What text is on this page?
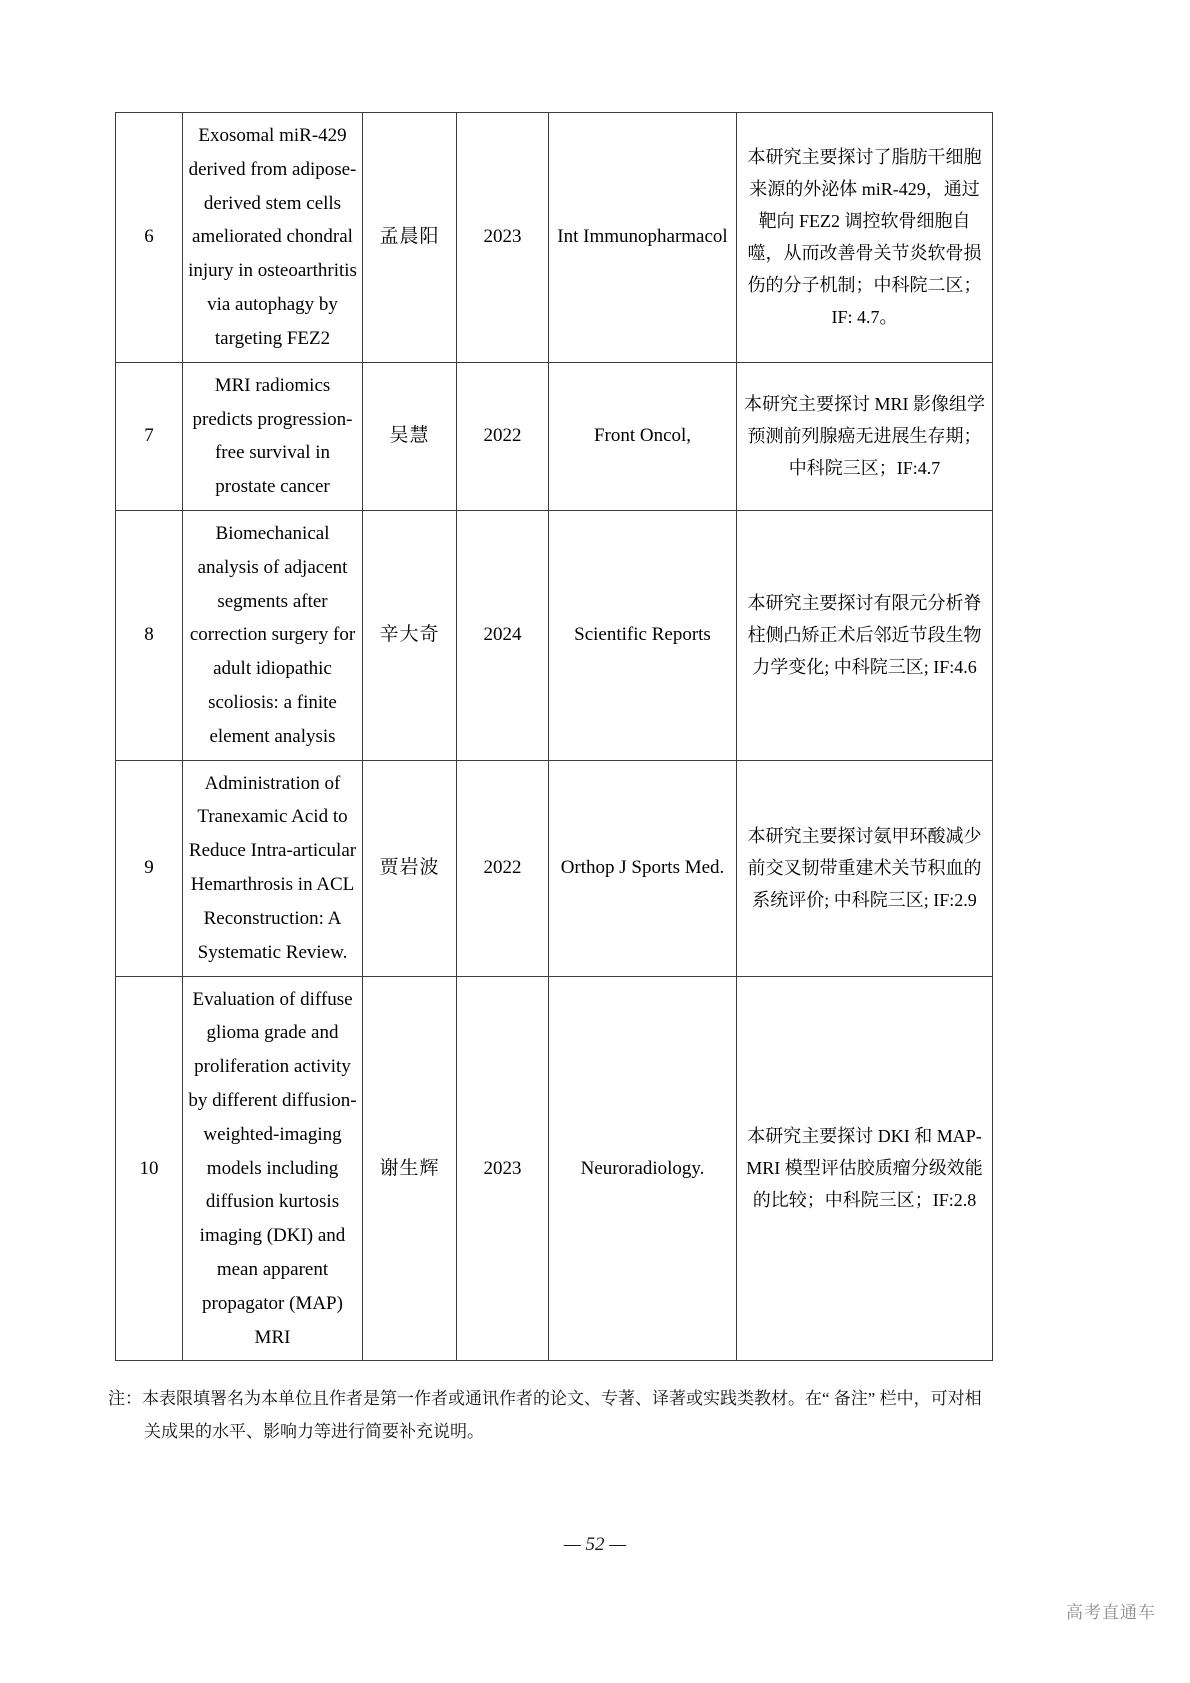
6	Exosomal miR-429 derived from adipose-derived stem cells ameliorated chondral injury in osteoarthritis via autophagy by targeting FEZ2	孟晨阳	2023	Int Immunopharmacol	本研究主要探讨了脂肪干细胞来源的外泌体 miR-429，通过靶向 FEZ2 调控软骨细胞自噬，从而改善骨关节炎软骨损伤的分子机制；中科院二区；IF: 4.7。
7	MRI radiomics predicts progression-free survival in prostate cancer	吴慧	2022	Front Oncol,	本研究主要探讨 MRI 影像组学预测前列腺癌无进展生存期；中科院三区；IF:4.7
8	Biomechanical analysis of adjacent segments after correction surgery for adult idiopathic scoliosis: a finite element analysis	辛大奇	2024	Scientific Reports	本研究主要探讨有限元分析脊柱侧凸矫正术后邻近节段生物力学变化; 中科院三区; IF:4.6
9	Administration of Tranexamic Acid to Reduce Intra-articular Hemarthrosis in ACL Reconstruction: A Systematic Review.	贾岩波	2022	Orthop J Sports Med.	本研究主要探讨氨甲环酸减少前交叉韧带重建术关节积血的系统评价; 中科院三区; IF:2.9
10	Evaluation of diffuse glioma grade and proliferation activity by different diffusion-weighted-imaging models including diffusion kurtosis imaging (DKI) and mean apparent propagator (MAP) MRI	谢生辉	2023	Neuroradiology.	本研究主要探讨 DKI 和 MAP-MRI 模型评估胶质瘤分级效能的比较；中科院三区；IF:2.8
注：本表限填署名为本单位且作者是第一作者或通讯作者的论文、专著、译著或实践类教材。在“ 备注” 栏中，可对相
关成果的水平、影响力等进行简要补充说明。
— 52 —
高考直通车
